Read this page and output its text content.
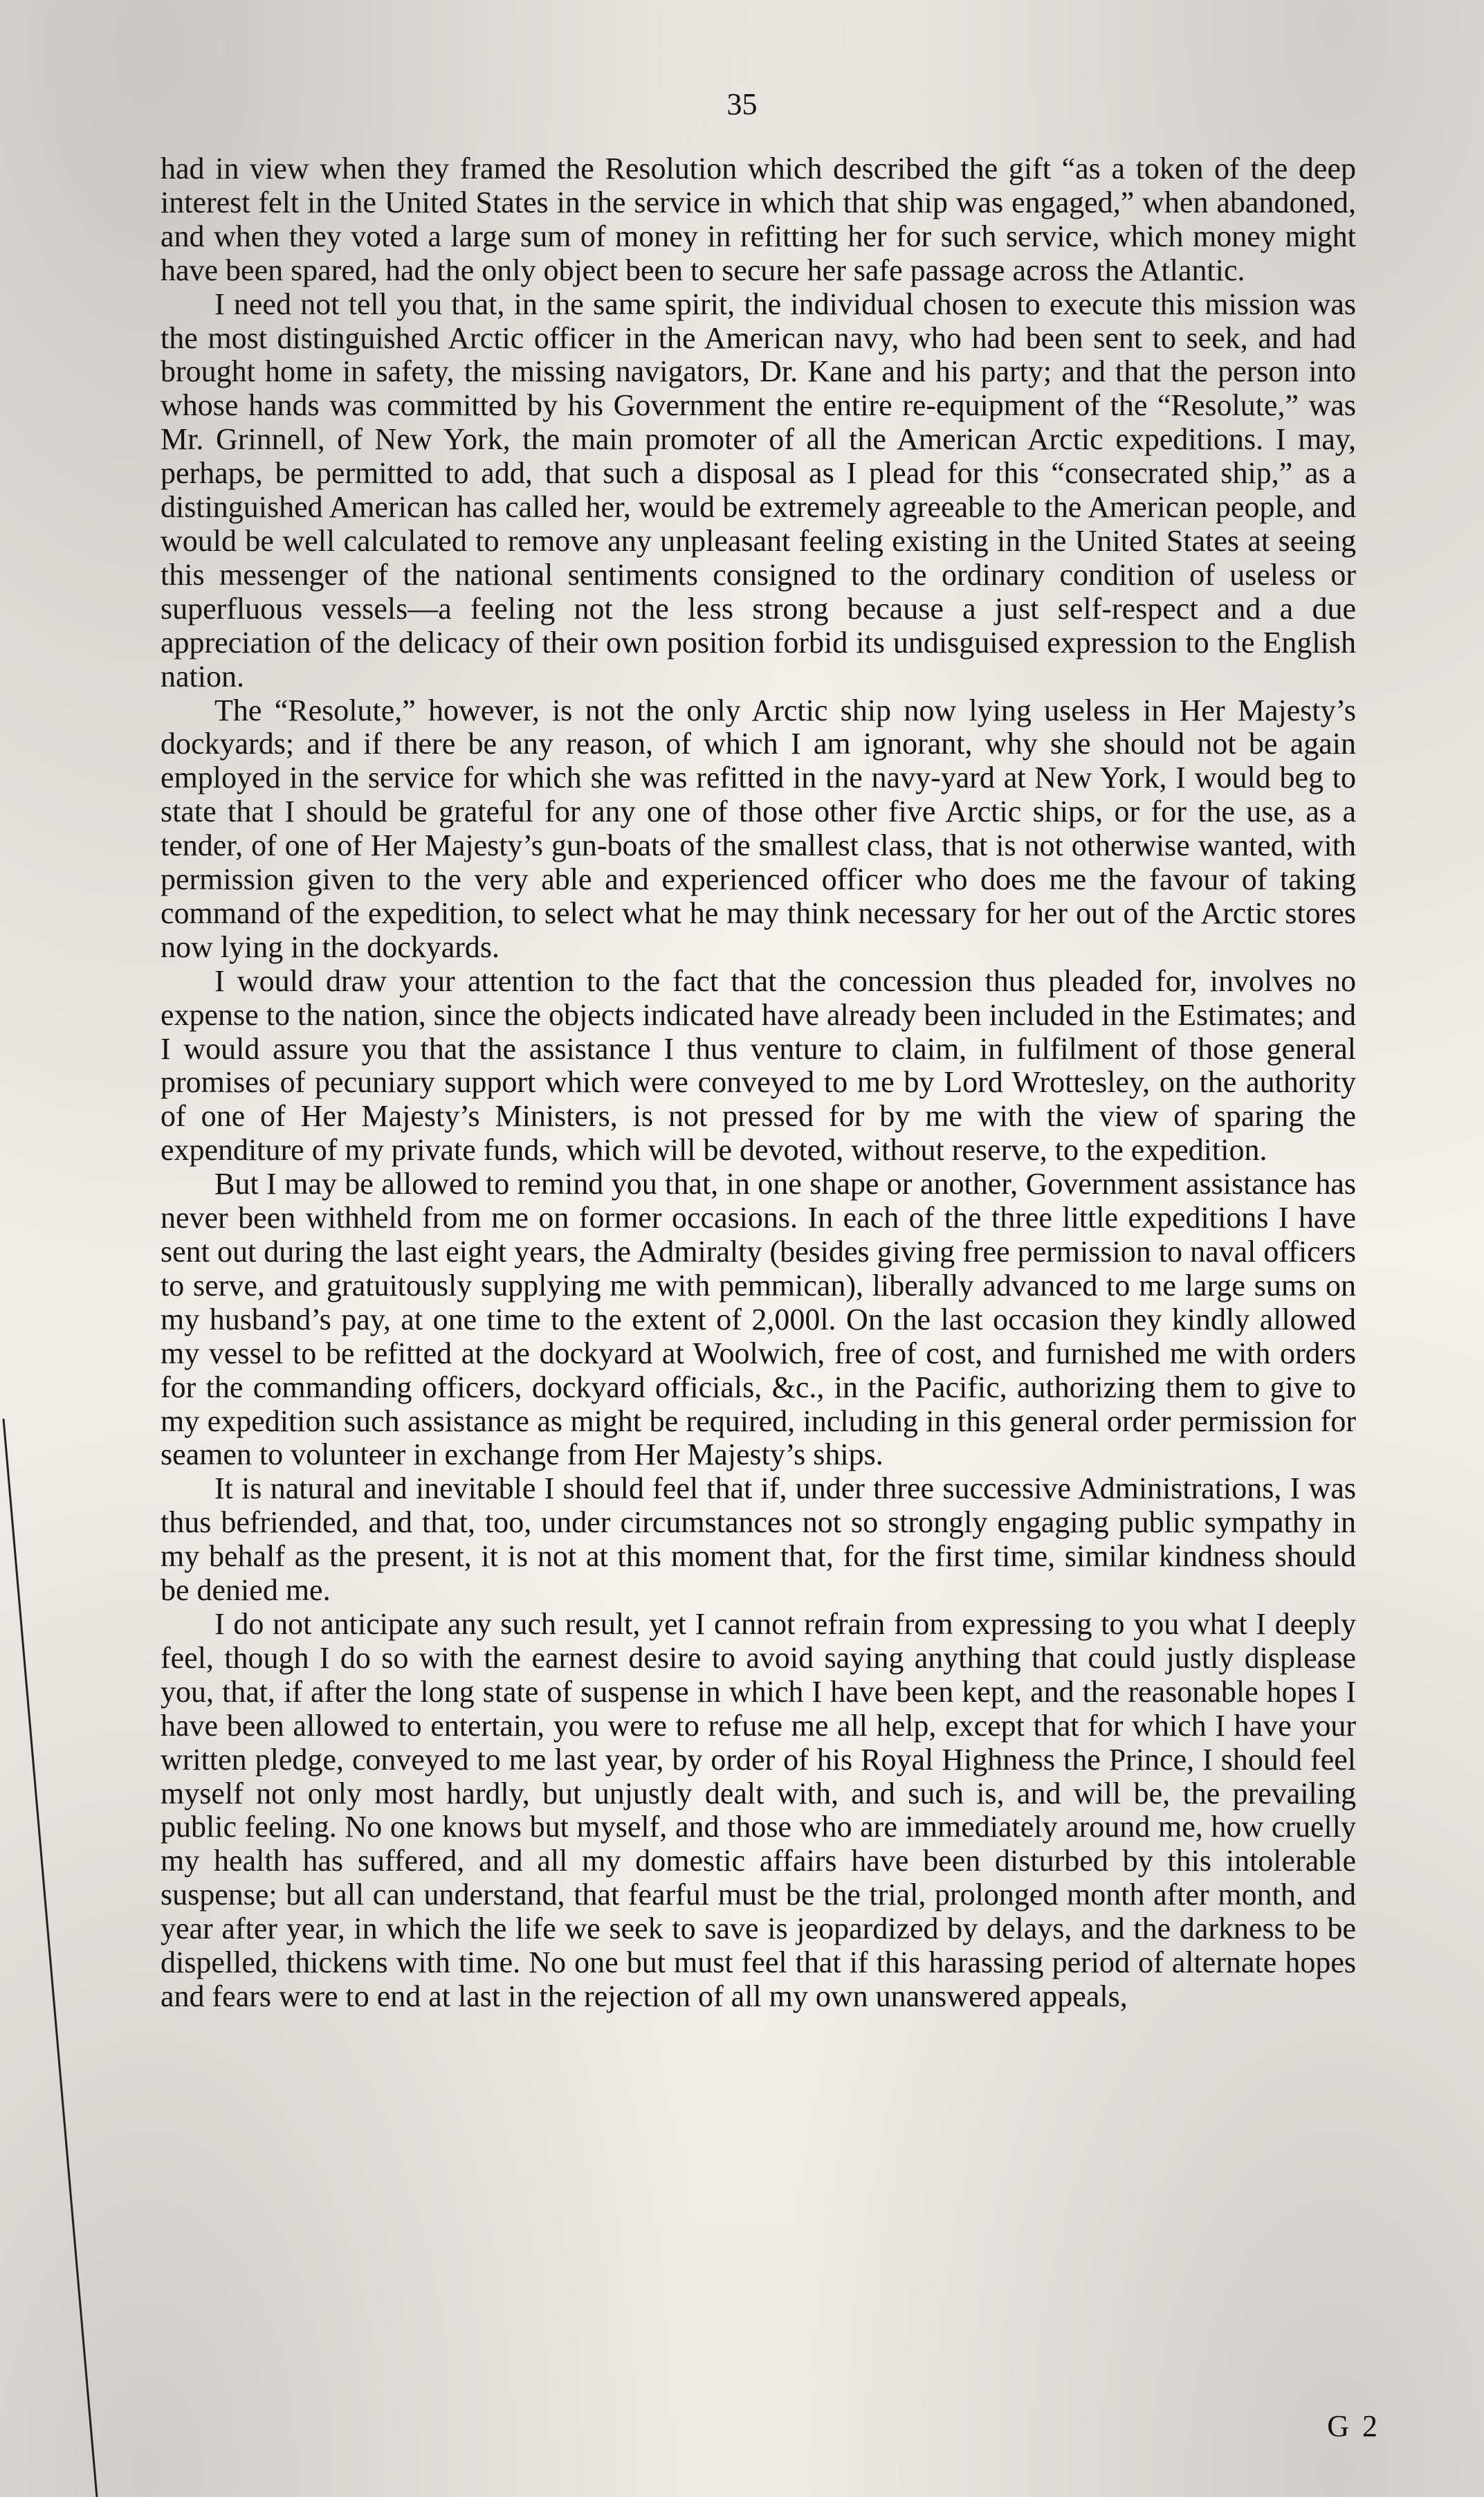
35

had in view when they framed the Resolution which described the gift “as a token of the deep interest felt in the United States in the service in which that ship was engaged,” when abandoned, and when they voted a large sum of money in refitting her for such service, which money might have been spared, had the only object been to secure her safe passage across the Atlantic.

I need not tell you that, in the same spirit, the individual chosen to execute this mission was the most distinguished Arctic officer in the American navy, who had been sent to seek, and had brought home in safety, the missing navigators, Dr. Kane and his party; and that the person into whose hands was committed by his Government the entire re-equipment of the “Resolute,” was Mr. Grinnell, of New York, the main promoter of all the American Arctic expeditions. I may, perhaps, be permitted to add, that such a disposal as I plead for this “consecrated ship,” as a distinguished American has called her, would be extremely agreeable to the American people, and would be well calculated to remove any unpleasant feeling existing in the United States at seeing this messenger of the national sentiments consigned to the ordinary condition of useless or superfluous vessels—a feeling not the less strong because a just self-respect and a due appreciation of the delicacy of their own position forbid its undisguised expression to the English nation.

The “Resolute,” however, is not the only Arctic ship now lying useless in Her Majesty’s dockyards; and if there be any reason, of which I am ignorant, why she should not be again employed in the service for which she was refitted in the navy-yard at New York, I would beg to state that I should be grateful for any one of those other five Arctic ships, or for the use, as a tender, of one of Her Majesty’s gun-boats of the smallest class, that is not otherwise wanted, with permission given to the very able and experienced officer who does me the favour of taking command of the expedition, to select what he may think necessary for her out of the Arctic stores now lying in the dockyards.

I would draw your attention to the fact that the concession thus pleaded for, involves no expense to the nation, since the objects indicated have already been included in the Estimates; and I would assure you that the assistance I thus venture to claim, in fulfilment of those general promises of pecuniary support which were conveyed to me by Lord Wrottesley, on the authority of one of Her Majesty’s Ministers, is not pressed for by me with the view of sparing the expenditure of my private funds, which will be devoted, without reserve, to the expedition.

But I may be allowed to remind you that, in one shape or another, Government assistance has never been withheld from me on former occasions. In each of the three little expeditions I have sent out during the last eight years, the Admiralty (besides giving free permission to naval officers to serve, and gratuitously supplying me with pemmican), liberally advanced to me large sums on my husband’s pay, at one time to the extent of 2,000l. On the last occasion they kindly allowed my vessel to be refitted at the dockyard at Woolwich, free of cost, and furnished me with orders for the commanding officers, dockyard officials, &c., in the Pacific, authorizing them to give to my expedition such assistance as might be required, including in this general order permission for seamen to volunteer in exchange from Her Majesty’s ships.

It is natural and inevitable I should feel that if, under three successive Administrations, I was thus befriended, and that, too, under circumstances not so strongly engaging public sympathy in my behalf as the present, it is not at this moment that, for the first time, similar kindness should be denied me.

I do not anticipate any such result, yet I cannot refrain from expressing to you what I deeply feel, though I do so with the earnest desire to avoid saying anything that could justly displease you, that, if after the long state of suspense in which I have been kept, and the reasonable hopes I have been allowed to entertain, you were to refuse me all help, except that for which I have your written pledge, conveyed to me last year, by order of his Royal Highness the Prince, I should feel myself not only most hardly, but unjustly dealt with, and such is, and will be, the prevailing public feeling. No one knows but myself, and those who are immediately around me, how cruelly my health has suffered, and all my domestic affairs have been disturbed by this intolerable suspense; but all can understand, that fearful must be the trial, prolonged month after month, and year after year, in which the life we seek to save is jeopardized by delays, and the darkness to be dispelled, thickens with time. No one but must feel that if this harassing period of alternate hopes and fears were to end at last in the rejection of all my own unanswered appeals,

G 2
